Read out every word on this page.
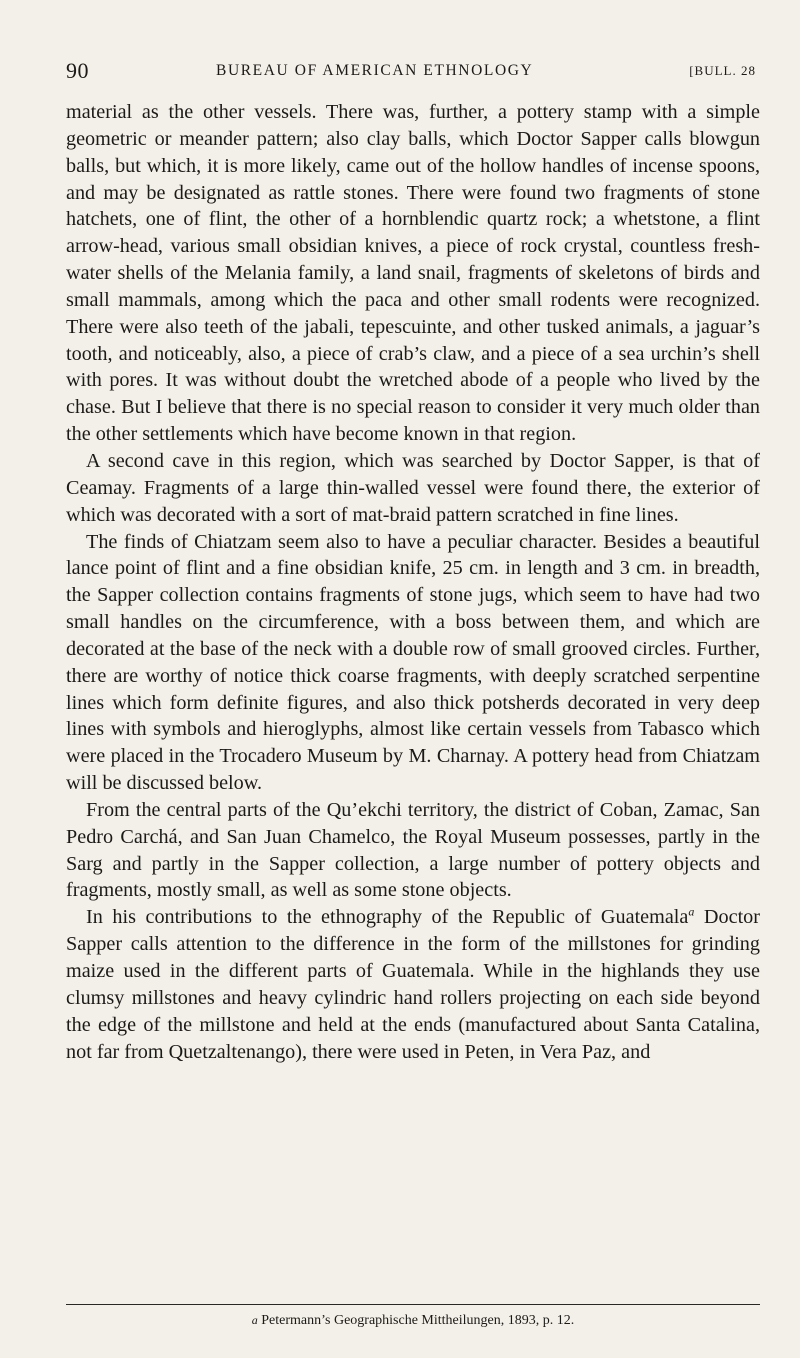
90	BUREAU OF AMERICAN ETHNOLOGY	[BULL. 28

material as the other vessels. There was, further, a pottery stamp with a simple geometric or meander pattern; also clay balls, which Doctor Sapper calls blowgun balls, but which, it is more likely, came out of the hollow handles of incense spoons, and may be designated as rattle stones. There were found two fragments of stone hatchets, one of flint, the other of a hornblendic quartz rock; a whetstone, a flint arrow-head, various small obsidian knives, a piece of rock crystal, countless fresh-water shells of the Melania family, a land snail, fragments of skeletons of birds and small mammals, among which the paca and other small rodents were recognized. There were also teeth of the jabali, tepescuinte, and other tusked animals, a jaguar’s tooth, and noticeably, also, a piece of crab’s claw, and a piece of a sea urchin’s shell with pores. It was without doubt the wretched abode of a people who lived by the chase. But I believe that there is no special reason to consider it very much older than the other settlements which have become known in that region.

A second cave in this region, which was searched by Doctor Sapper, is that of Ceamay. Fragments of a large thin-walled vessel were found there, the exterior of which was decorated with a sort of mat-braid pattern scratched in fine lines.

The finds of Chiatzam seem also to have a peculiar character. Besides a beautiful lance point of flint and a fine obsidian knife, 25 cm. in length and 3 cm. in breadth, the Sapper collection contains fragments of stone jugs, which seem to have had two small handles on the circumference, with a boss between them, and which are decorated at the base of the neck with a double row of small grooved circles. Further, there are worthy of notice thick coarse fragments, with deeply scratched serpentine lines which form definite figures, and also thick potsherds decorated in very deep lines with symbols and hieroglyphs, almost like certain vessels from Tabasco which were placed in the Trocadero Museum by M. Charnay. A pottery head from Chiatzam will be discussed below.

From the central parts of the Qu’ekchi territory, the district of Coban, Zamac, San Pedro Carchá, and San Juan Chamelco, the Royal Museum possesses, partly in the Sarg and partly in the Sapper collection, a large number of pottery objects and fragments, mostly small, as well as some stone objects.

In his contributions to the ethnography of the Republic of Guatemala$^a$ Doctor Sapper calls attention to the difference in the form of the millstones for grinding maize used in the different parts of Guatemala. While in the highlands they use clumsy millstones and heavy cylindric hand rollers projecting on each side beyond the edge of the millstone and held at the ends (manufactured about Santa Catalina, not far from Quetzaltenango), there were used in Peten, in Vera Paz, and

a Petermann’s Geographische Mittheilungen, 1893, p. 12.
